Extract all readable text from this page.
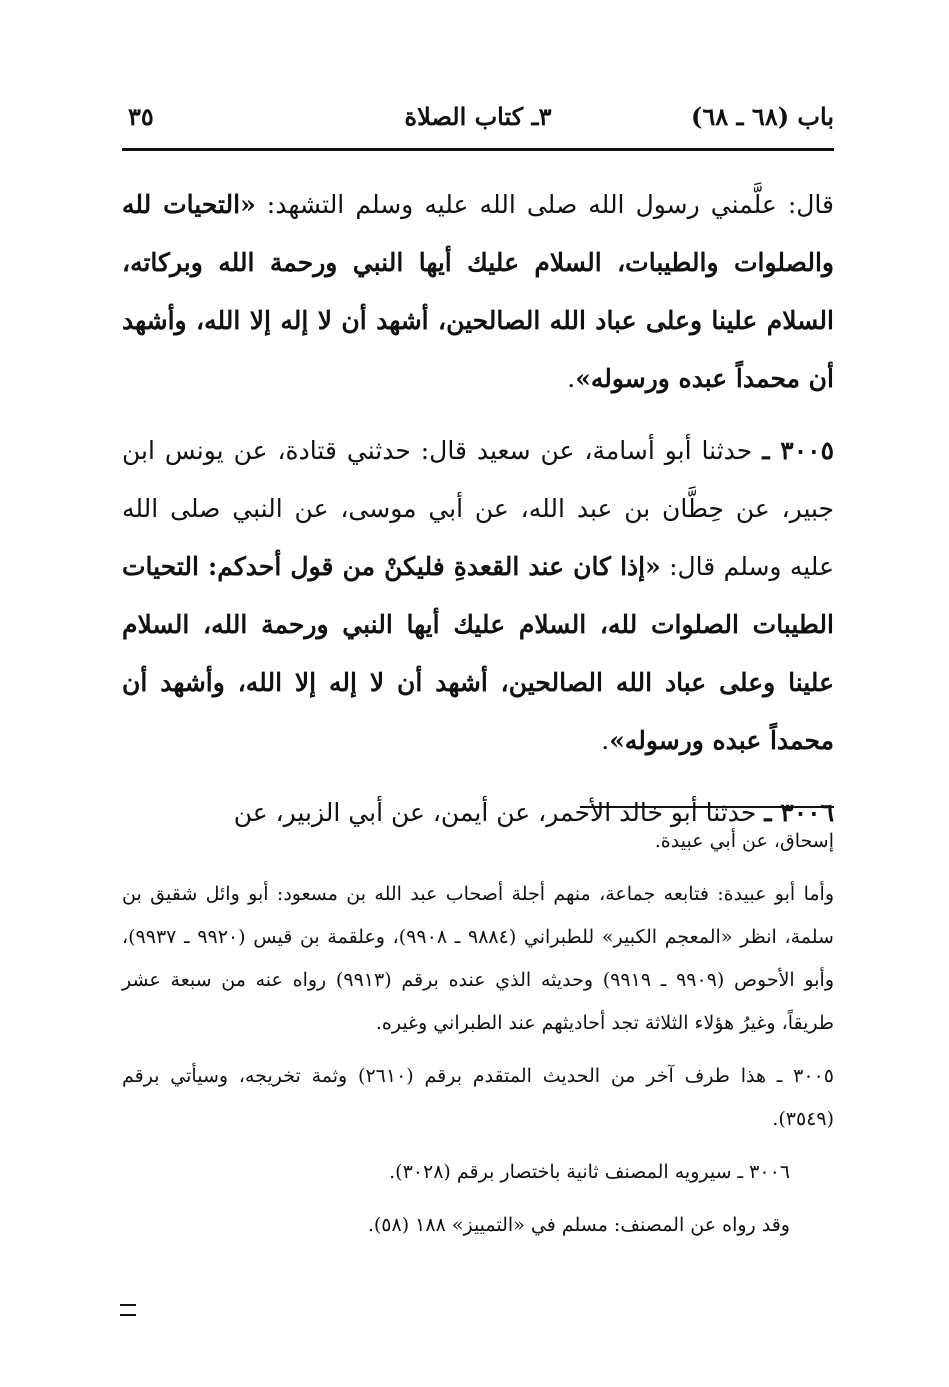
باب (٦٨ ـ ٦٨)
٣ـ كتاب الصلاة
٣٥

قال: علَّمني رسول الله صلى الله عليه وسلم التشهد: «التحيات لله والصلوات والطيبات، السلام عليك أيها النبي ورحمة الله وبركاته، السلام علينا وعلى عباد الله الصالحين، أشهد أن لا إله إلا الله، وأشهد أن محمداً عبده ورسوله».

٣٠٠٥ ـ حدثنا أبو أسامة، عن سعيد قال: حدثني قتادة، عن يونس ابن جبير، عن حِطَّان بن عبد الله، عن أبي موسى، عن النبي صلى الله عليه وسلم قال: «إذا كان عند القعدةِ فليكنْ من قول أحدكم: التحيات الطيبات الصلوات لله، السلام عليك أيها النبي ورحمة الله، السلام علينا وعلى عباد الله الصالحين، أشهد أن لا إله إلا الله، وأشهد أن محمداً عبده ورسوله».

٣٠٠٦ ـ حدثنا أبو خالد الأحمر، عن أيمن، عن أبي الزبير، عن

إسحاق، عن أبي عبيدة.

وأما أبو عبيدة: فتابعه جماعة، منهم أجلة أصحاب عبد الله بن مسعود: أبو وائل شقيق بن سلمة، انظر «المعجم الكبير» للطبراني (٩٨٨٤ ـ ٩٩٠٨)، وعلقمة بن قيس (٩٩٢٠ ـ ٩٩٣٧)، وأبو الأحوص (٩٩٠٩ ـ ٩٩١٩) وحديثه الذي عنده برقم (٩٩١٣) رواه عنه من سبعة عشر طريقاً، وغيرُ هؤلاء الثلاثة تجد أحاديثهم عند الطبراني وغيره.

٣٠٠٥ ـ هذا طرف آخر من الحديث المتقدم برقم (٢٦١٠) وثمة تخريجه، وسيأتي برقم (٣٥٤٩).

٣٠٠٦ ـ سيرويه المصنف ثانية باختصار برقم (٣٠٢٨).

وقد رواه عن المصنف: مسلم في «التمييز» ١٨٨ (٥٨).
